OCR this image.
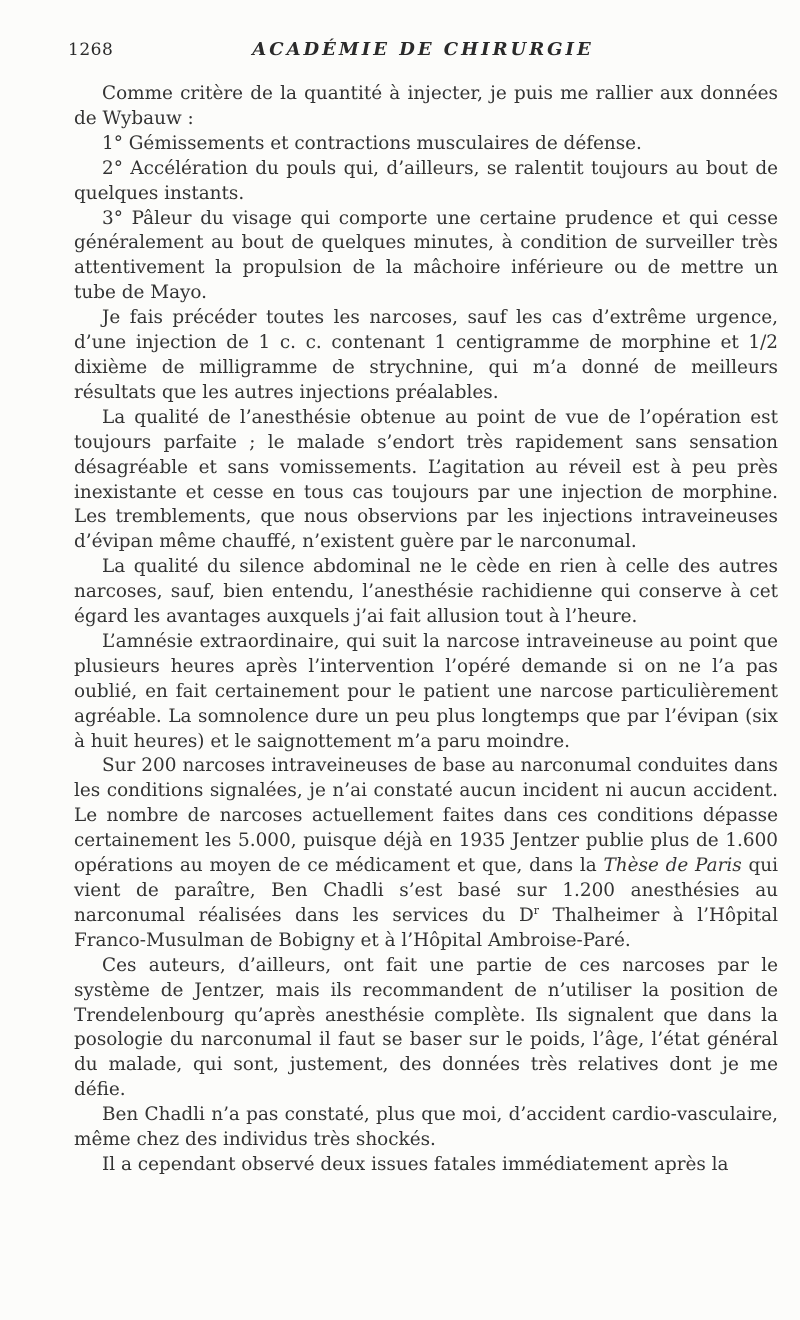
1268	ACADÉMIE DE CHIRURGIE

Comme critère de la quantité à injecter, je puis me rallier aux données de Wybauw :

1° Gémissements et contractions musculaires de défense.

2° Accélération du pouls qui, d’ailleurs, se ralentit toujours au bout de quelques instants.

3° Pâleur du visage qui comporte une certaine prudence et qui cesse généralement au bout de quelques minutes, à condition de surveiller très attentivement la propulsion de la mâchoire inférieure ou de mettre un tube de Mayo.

Je fais précéder toutes les narcoses, sauf les cas d’extrême urgence, d’une injection de 1 c. c. contenant 1 centigramme de morphine et 1/2 dixième de milligramme de strychnine, qui m’a donné de meilleurs résultats que les autres injections préalables.

La qualité de l’anesthésie obtenue au point de vue de l’opération est toujours parfaite ; le malade s’endort très rapidement sans sensation désagréable et sans vomissements. L’agitation au réveil est à peu près inexistante et cesse en tous cas toujours par une injection de morphine. Les tremblements, que nous observions par les injections intraveineuses d’évipan même chauffé, n’existent guère par le narconumal.

La qualité du silence abdominal ne le cède en rien à celle des autres narcoses, sauf, bien entendu, l’anesthésie rachidienne qui conserve à cet égard les avantages auxquels j’ai fait allusion tout à l’heure.

L’amnésie extraordinaire, qui suit la narcose intraveineuse au point que plusieurs heures après l’intervention l’opéré demande si on ne l’a pas oublié, en fait certainement pour le patient une narcose particulièrement agréable. La somnolence dure un peu plus longtemps que par l’évipan (six à huit heures) et le saignottement m’a paru moindre.

Sur 200 narcoses intraveineuses de base au narconumal conduites dans les conditions signalées, je n’ai constaté aucun incident ni aucun accident. Le nombre de narcoses actuellement faites dans ces conditions dépasse certainement les 5.000, puisque déjà en 1935 Jentzer publie plus de 1.600 opérations au moyen de ce médicament et que, dans la Thèse de Paris qui vient de paraître, Ben Chadli s’est basé sur 1.200 anesthésies au narconumal réalisées dans les services du $D^r$ Thalheimer à l’Hôpital Franco-Musulman de Bobigny et à l’Hôpital Ambroise-Paré.

Ces auteurs, d’ailleurs, ont fait une partie de ces narcoses par le système de Jentzer, mais ils recommandent de n’utiliser la position de Trendelenbourg qu’après anesthésie complète. Ils signalent que dans la posologie du narconumal il faut se baser sur le poids, l’âge, l’état général du malade, qui sont, justement, des données très relatives dont je me défie.

Ben Chadli n’a pas constaté, plus que moi, d’accident cardio-vasculaire, même chez des individus très shockés.

Il a cependant observé deux issues fatales immédiatement après la
